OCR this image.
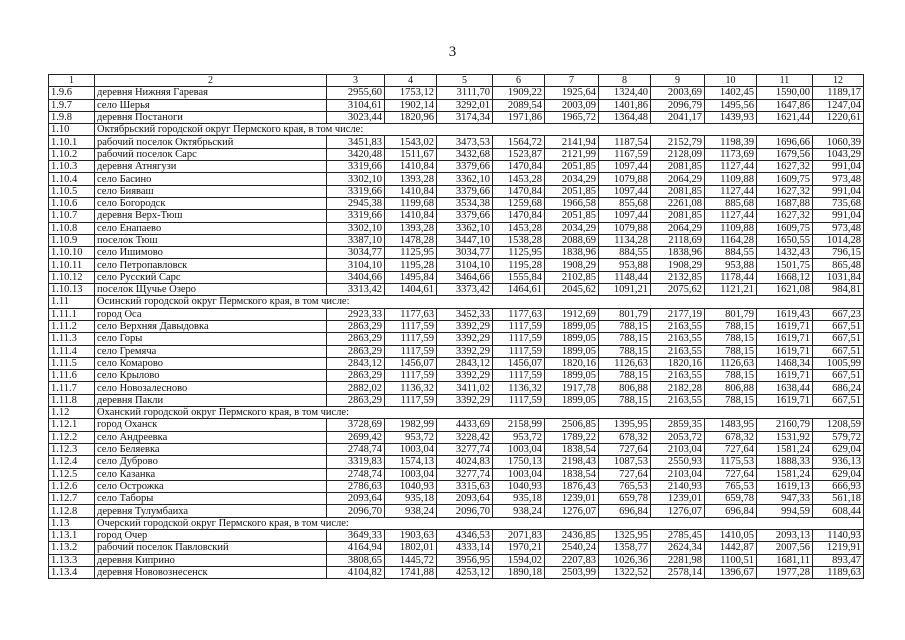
3
1	2	3	4	5	6	7	8	9	10	11	12
1.9.6	деревня Нижняя Гаревая	2955,60	1753,12	3111,70	1909,22	1925,64	1324,40	2003,69	1402,45	1590,00	1189,17
1.9.7	село Шерья	3104,61	1902,14	3292,01	2089,54	2003,09	1401,86	2096,79	1495,56	1647,86	1247,04
1.9.8	деревня Постаноги	3023,44	1820,96	3174,34	1971,86	1965,72	1364,48	2041,17	1439,93	1621,44	1220,61
1.10	Октябрьский городской округ Пермского края, в том числе:										
1.10.1	рабочий поселок Октябрьский	3451,83	1543,02	3473,53	1564,72	2141,94	1187,54	2152,79	1198,39	1696,66	1060,39
1.10.2	рабочий поселок Сарс	3420,48	1511,67	3432,68	1523,87	2121,99	1167,59	2128,09	1173,69	1679,56	1043,29
1.10.3	деревня Атнягузи	3319,66	1410,84	3379,66	1470,84	2051,85	1097,44	2081,85	1127,44	1627,32	991,04
1.10.4	село Басино	3302,10	1393,28	3362,10	1453,28	2034,29	1079,88	2064,29	1109,88	1609,75	973,48
1.10.5	село Бияваш	3319,66	1410,84	3379,66	1470,84	2051,85	1097,44	2081,85	1127,44	1627,32	991,04
1.10.6	село Богородск	2945,38	1199,68	3534,38	1259,68	1966,58	855,68	2261,08	885,68	1687,88	735,68
1.10.7	деревня Верх-Тюш	3319,66	1410,84	3379,66	1470,84	2051,85	1097,44	2081,85	1127,44	1627,32	991,04
1.10.8	село Енапаево	3302,10	1393,28	3362,10	1453,28	2034,29	1079,88	2064,29	1109,88	1609,75	973,48
1.10.9	поселок Тюш	3387,10	1478,28	3447,10	1538,28	2088,69	1134,28	2118,69	1164,28	1650,55	1014,28
1.10.10	село Ишимово	3034,77	1125,95	3034,77	1125,95	1838,96	884,55	1838,96	884,55	1432,43	796,15
1.10.11	село Петропавловск	3104,10	1195,28	3104,10	1195,28	1908,29	953,88	1908,29	953,88	1501,75	865,48
1.10.12	село Русский Сарс	3404,66	1495,84	3464,66	1555,84	2102,85	1148,44	2132,85	1178,44	1668,12	1031,84
1.10.13	поселок Щучье Озеро	3313,42	1404,61	3373,42	1464,61	2045,62	1091,21	2075,62	1121,21	1621,08	984,81
1.11	Осинский городской округ Пермского края, в том числе:										
1.11.1	город Оса	2923,33	1177,63	3452,33	1177,63	1912,69	801,79	2177,19	801,79	1619,43	667,23
1.11.2	село Верхняя Давыдовка	2863,29	1117,59	3392,29	1117,59	1899,05	788,15	2163,55	788,15	1619,71	667,51
1.11.3	село Горы	2863,29	1117,59	3392,29	1117,59	1899,05	788,15	2163,55	788,15	1619,71	667,51
1.11.4	село Гремяча	2863,29	1117,59	3392,29	1117,59	1899,05	788,15	2163,55	788,15	1619,71	667,51
1.11.5	село Комарово	2843,12	1456,07	2843,12	1456,07	1820,16	1126,63	1820,16	1126,63	1468,34	1005,99
1.11.6	село Крылово	2863,29	1117,59	3392,29	1117,59	1899,05	788,15	2163,55	788,15	1619,71	667,51
1.11.7	село Новозалесново	2882,02	1136,32	3411,02	1136,32	1917,78	806,88	2182,28	806,88	1638,44	686,24
1.11.8	деревня Пакли	2863,29	1117,59	3392,29	1117,59	1899,05	788,15	2163,55	788,15	1619,71	667,51
1.12	Оханский городской округ Пермского края, в том числе:										
1.12.1	город Оханск	3728,69	1982,99	4433,69	2158,99	2506,85	1395,95	2859,35	1483,95	2160,79	1208,59
1.12.2	село Андреевка	2699,42	953,72	3228,42	953,72	1789,22	678,32	2053,72	678,32	1531,92	579,72
1.12.3	село Беляевка	2748,74	1003,04	3277,74	1003,04	1838,54	727,64	2103,04	727,64	1581,24	629,04
1.12.4	село Дуброво	3319,83	1574,13	4024,83	1750,13	2198,43	1087,53	2550,93	1175,53	1888,33	936,13
1.12.5	село Казанка	2748,74	1003,04	3277,74	1003,04	1838,54	727,64	2103,04	727,64	1581,24	629,04
1.12.6	село Острожка	2786,63	1040,93	3315,63	1040,93	1876,43	765,53	2140,93	765,53	1619,13	666,93
1.12.7	село Таборы	2093,64	935,18	2093,64	935,18	1239,01	659,78	1239,01	659,78	947,33	561,18
1.12.8	деревня Тулумбаиха	2096,70	938,24	2096,70	938,24	1276,07	696,84	1276,07	696,84	994,59	608,44
1.13	Очерский городской округ Пермского края, в том числе:										
1.13.1	город Очер	3649,33	1903,63	4346,53	2071,83	2436,85	1325,95	2785,45	1410,05	2093,13	1140,93
1.13.2	рабочий поселок Павловский	4164,94	1802,01	4333,14	1970,21	2540,24	1358,77	2624,34	1442,87	2007,56	1219,91
1.13.3	деревня Киприно	3808,65	1445,72	3956,95	1594,02	2207,83	1026,36	2281,98	1100,51	1681,11	893,47
1.13.4	деревня Нововознесенск	4104,82	1741,88	4253,12	1890,18	2503,99	1322,52	2578,14	1396,67	1977,28	1189,63
